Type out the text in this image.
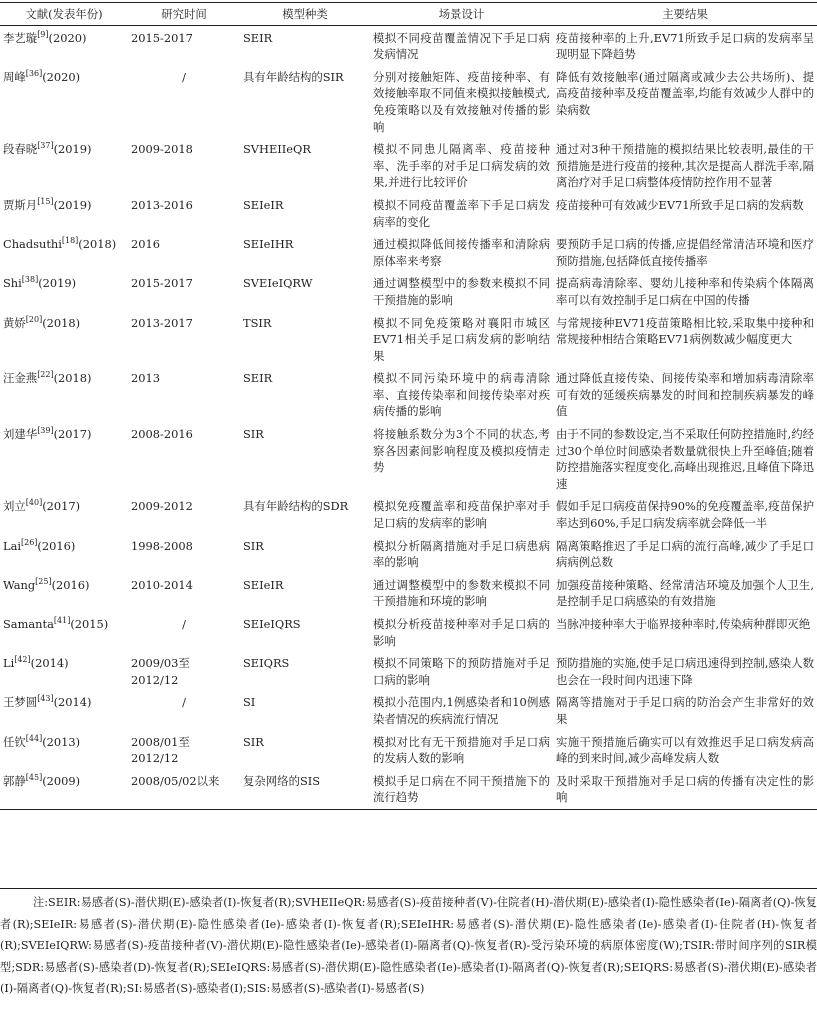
文献(发表年份)	研究时间	模型种类	场景设计	主要结果
李艺璇[9](2020)	2015-2017	SEIR	模拟不同疫苗覆盖情况下手足口病发病情况	疫苗接种率的上升,EV71所致手足口病的发病率呈现明显下降趋势
周峰[36](2020)	/	具有年龄结构的SIR	分别对接触矩阵、疫苗接种率、有效接触率取不同值来模拟接触模式,免疫策略以及有效接触对传播的影响	降低有效接触率(通过隔离或减少去公共场所)、提高疫苗接种率及疫苗覆盖率,均能有效减少人群中的染病数
段春晓[37](2019)	2009-2018	SVHEIIeQR	模拟不同患儿隔离率、疫苗接种率、洗手率的对手足口病发病的效果,并进行比较评价	通过对3种干预措施的模拟结果比较表明,最佳的干预措施是进行疫苗的接种,其次是提高人群洗手率,隔离治疗对手足口病整体疫情防控作用不显著
贾斯月[15](2019)	2013-2016	SEIeIR	模拟不同疫苗覆盖率下手足口病发病率的变化	疫苗接种可有效减少EV71所致手足口病的发病数
Chadsuthi[18](2018)	2016	SEIeIHR	通过模拟降低间接传播率和清除病原体率来考察	要预防手足口病的传播,应提倡经常清洁环境和医疗预防措施,包括降低直接传播率
Shi[38](2019)	2015-2017	SVEIeIQRW	通过调整模型中的参数来模拟不同干预措施的影响	提高病毒清除率、婴幼儿接种率和传染病个体隔离率可以有效控制手足口病在中国的传播
黄娇[20](2018)	2013-2017	TSIR	模拟不同免疫策略对襄阳市城区EV71相关手足口病发病的影响结果	与常规接种EV71疫苗策略相比较,采取集中接种和常规接种相结合策略EV71病例数减少幅度更大
汪金燕[22](2018)	2013	SEIR	模拟不同污染环境中的病毒清除率、直接传染率和间接传染率对疾病传播的影响	通过降低直接传染、间接传染率和增加病毒清除率可有效的延缓疾病暴发的时间和控制疾病暴发的峰值
刘建华[39](2017)	2008-2016	SIR	将接触系数分为3个不同的状态,考察各因素间影响程度及模拟疫情走势	由于不同的参数设定,当不采取任何防控措施时,约经过30个单位时间感染者数量就很快上升至峰值;随着防控措施落实程度变化,高峰出现推迟,且峰值下降迅速
刘立[40](2017)	2009-2012	具有年龄结构的SDR	模拟免疫覆盖率和疫苗保护率对手足口病的发病率的影响	假如手足口病疫苗保持90%的免疫覆盖率,疫苗保护率达到60%,手足口病发病率就会降低一半
Lai[26](2016)	1998-2008	SIR	模拟分析隔离措施对手足口病患病率的影响	隔离策略推迟了手足口病的流行高峰,减少了手足口病病例总数
Wang[25](2016)	2010-2014	SEIeIR	通过调整模型中的参数来模拟不同干预措施和环境的影响	加强疫苗接种策略、经常清洁环境及加强个人卫生,是控制手足口病感染的有效措施
Samanta[41](2015)	/	SEIeIQRS	模拟分析疫苗接种率对手足口病的影响	当脉冲接种率大于临界接种率时,传染病种群即灭绝
Li[42](2014)	2009/03至2012/12	SEIQRS	模拟不同策略下的预防措施对手足口病的影响	预防措施的实施,使手足口病迅速得到控制,感染人数也会在一段时间内迅速下降
王梦圆[43](2014)	/	SI	模拟小范围内,1例感染者和10例感染者情况的疾病流行情况	隔离等措施对于手足口病的防治会产生非常好的效果
任钦[44](2013)	2008/01至2012/12	SIR	模拟对比有无干预措施对手足口病的发病人数的影响	实施干预措施后确实可以有效推迟手足口病发病高峰的到来时间,减少高峰发病人数
郭静[45](2009)	2008/05/02以来	复杂网络的SIS	模拟手足口病在不同干预措施下的流行趋势	及时采取干预措施对手足口病的传播有决定性的影响
注:SEIR:易感者(S)-潜伏期(E)-感染者(I)-恢复者(R);SVHEIIeQR:易感者(S)-疫苗接种者(V)-住院者(H)-潜伏期(E)-感染者(I)-隐性感染者(Ie)-隔离者(Q)-恢复者(R);SEIeIR:易感者(S)-潜伏期(E)-隐性感染者(Ie)-感染者(I)-恢复者(R);SEIeIHR:易感者(S)-潜伏期(E)-隐性感染者(Ie)-感染者(I)-住院者(H)-恢复者(R);SVEIeIQRW:易感者(S)-疫苗接种者(V)-潜伏期(E)-隐性感染者(Ie)-感染者(I)-隔离者(Q)-恢复者(R)-受污染环境的病原体密度(W);TSIR:带时间序列的SIR模型;SDR:易感者(S)-感染者(D)-恢复者(R);SEIeIQRS:易感者(S)-潜伏期(E)-隐性感染者(Ie)-感染者(I)-隔离者(Q)-恢复者(R);SEIQRS:易感者(S)-潜伏期(E)-感染者(I)-隔离者(Q)-恢复者(R);SI:易感者(S)-感染者(I);SIS:易感者(S)-感染者(I)-易感者(S)
